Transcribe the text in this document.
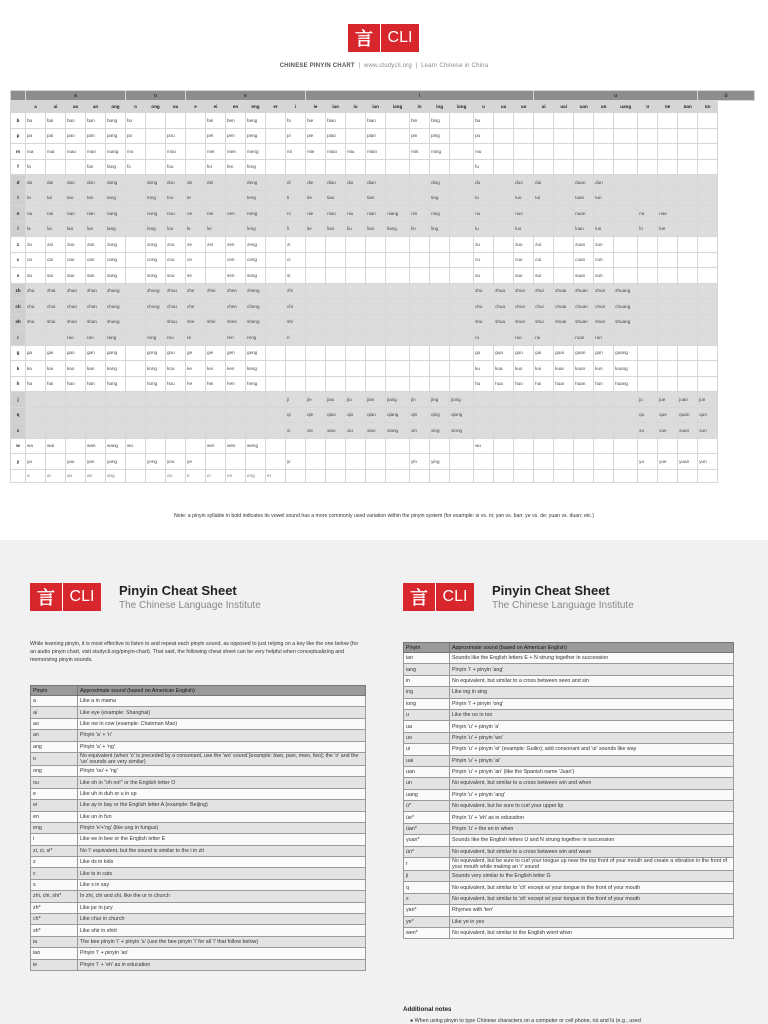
言 CLI
CHINESE PINYIN CHART  |  www.studycli.org  |  Learn Chinese in China
	a					o			e						i											u								ü
	a	ai	ao	an	ang	o	ong	ou	e	ei	en	eng	er	i	ie	iao	iu	ian	iang	in	ing	iong	u	ua	uo	ui	uai	uan	un	uang	ü	üe	üan	ün
b	ba	bai	bao	ban	bang	bo				bei	ben	beng		bi	bie	biao		bian		bin	bing		bu											
p	pa	pai	pao	pan	pang	po		pou		pei	pen	peng		pi	pie	piao		pian		pin	ping		pu											
m	ma	mai	mao	man	mang	mo		mou		mei	men	meng		mi	mie	miao	miu	mian		min	ming		mu											
f	fa			fan	fang	fo		fou		fei	fen	feng											fu											
d	da	dai	dao	dan	dang		dong	dou	de	dei		deng		di	die	diao	diu	dian			ding		du		duo	dui		duan	dun					
t	ta	tai	tao	tan	tang		tong	tou	te			teng		ti	tie	tiao		tian			ting		tu		tuo	tui		tuan	tun					
n	na	nai	nao	nan	nang		nong	nou	ne	nei	nen	neng		ni	nie	niao	niu	nian	niang	nin	ning		nu		nuo			nuan			nü	nüe		
l	la	lai	lao	lan	lang		long	lou	le	lei		leng		li	lie	liao	liu	lian	liang	lin	ling		lu		luo			luan	lun		lü	lüe		
z	za	zai	zao	zan	zang		zong	zou	ze	zei	zen	zeng		zi									zu		zuo	zui		zuan	zun					
c	ca	cai	cao	can	cang		cong	cou	ce		cen	ceng		ci									cu		cuo	cui		cuan	cun					
s	sa	sai	sao	san	sang		song	sou	se		sen	seng		si									su		suo	sui		suan	sun					
zh	zha	zhai	zhao	zhan	zhang		zhong	zhou	zhe	zhei	zhen	zheng		zhi									zhu	zhua	zhuo	zhui	zhuai	zhuan	zhun	zhuang				
ch	cha	chai	chao	chan	chang		chong	chou	che		chen	cheng		chi									chu	chua	chuo	chui	chuai	chuan	chun	chuang				
sh	sha	shai	shao	shan	shang			shou	she	shei	shen	sheng		shi									shu	shua	shuo	shui	shuai	shuan	shun	shuang				
r			rao	ran	rang		rong	rou	re		ren	reng		ri									ru		ruo	rui		ruan	run					
g	ga	gai	gao	gan	gang		gong	gou	ge	gei	gen	geng											gu	gua	guo	gui	guai	guan	gun	guang				
k	ka	kai	kao	kan	kang		kong	kou	ke	kei	ken	keng											ku	kua	kuo	kui	kuai	kuan	kun	kuang				
h	ha	hai	hao	han	hang		hong	hou	he	hei	hen	heng											hu	hua	huo	hui	huai	huan	hun	huang				
j														ji	jie	jiao	jiu	jian	jiang	jin	jing	jiong									ju	jue	juan	jun
q														qi	qie	qiao	qiu	qian	qiang	qin	qing	qiong									qu	que	quan	qun
x														xi	xie	xiao	xiu	xian	xiang	xin	xing	xiong									xu	xue	xuan	xun
w	wa	wai		wan	wang	wo				wei	wen	weng											wu											
y	ya		yao	yan	yang		yong	you	ye					yi						yin	ying										yu	yue	yuan	yun
	a	ai	ao	an	ang			ou	e	ei	en	eng	er																					
Note: a pinyin syllable in bold indicates its vowel sound has a more commonly used variation within the pinyin system (for example: si vs. ni; yan vs. ban; ye vs. de; yuan vs. duan; etc.)
言 CLI	Pinyin Cheat Sheet
The Chinese Language Institute
While learning pinyin, it is most effective to listen to and repeat each pinyin sound, as opposed to just relying on a key like the one below (for an audio pinyin chart, visit studycli.org/pinyin-chart). That said, the following cheat sheet can be very helpful when conceptualizing and memorizing pinyin sounds.
Pinyin	Approximate sound (based on American English)
a	Like a in mama
ai	Like eye (example: Shanghai)
ao	Like ow in cow (example: Chairman Mao)
an	Pinyin 'a' + 'n'
ang	Pinyin 'a' + 'ng'
o	No equivalent (when 'o' is preceded by a consonant, use the 'wo' sound [example: bwo, pwo, mwo, fwo]; the 'o' and the 'uo' sounds are very similar)
ong	Pinyin 'ou' + 'ng'
ou	Like oh in "oh no!" or the English letter O
e	Like uh in duh or u in up
ei	Like ay in bay or the English letter A (example: Beijing)
en	Like un in fun
eng	Pinyin 'e'+'ng' (like ung in fungus)
i	Like ee in bee or the English letter E
zi, ci, si*	No 'i' equivalent, but the sound is similar to the i in zit
z	Like ds in kids
c	Like ts in cats
s	Like s in say
zhi, chi, shi*	In zhi, chi and shi, like the ur in church
zh*	Like jur in jury
ch*	Like chur in church
sh*	Like shir in shirt
ia	The bee pinyin 'i' + pinyin 'a' (use the bee pinyin 'i' for all 'i' that follow below)
iao	Pinyin 'i' + pinyin 'ao'
ie	Pinyin 'i' + 'eh' as in education
言 CLI	Pinyin Cheat Sheet
The Chinese Language Institute
Pinyin	Approximate sound (based on American English)
ian	Sounds like the English letters E + N strung together in succession
iang	Pinyin 'i' + pinyin 'ang'
in	No equivalent, but similar to a cross between seen and sin
ing	Like ing in sing
iong	Pinyin 'i' + pinyin 'ong'
u	Like the oo in too
ua	Pinyin 'u' + pinyin 'a'
uo	Pinyin 'u' + pinyin 'wo'
ui	Pinyin 'u' + pinyin 'ei' (example: Guilin); add consonant and 'ui' sounds like way
uai	Pinyin 'u' + pinyin 'ai'
uan	Pinyin 'u' + pinyin 'an' (like the Spanish name 'Juan')
un	No equivalent, but similar to a cross between win and when
uang	Pinyin 'u' + pinyin 'ang'
ü*	No equivalent, but be sure to curl your upper lip
üe*	Pinyin 'ü' + 'eh' as in education
üan*	Pinyin 'ü' + the en in when
yuan*	Sounds like the English letters U and N strung together in succession
ün*	No equivalent, but similar to a cross between win and wean
r	No equivalent, but be sure to curl your tongue up near the top front of your mouth and create a vibration in the front of your mouth while making an 'r' sound
ji	Sounds very similar to the English letter G
q	No equivalent, but similar to 'ch' except w/ your tongue in the front of your mouth
x	No equivalent, but similar to 'sh' except w/ your tongue in the front of your mouth
yan*	Rhymes with 'ten'
ye*	Like ye in yes
wen*	No equivalent, but similar to the English word when
Additional notes
● When using pinyin to type Chinese characters on a computer or cell phone, nü and lü (e.g., used
